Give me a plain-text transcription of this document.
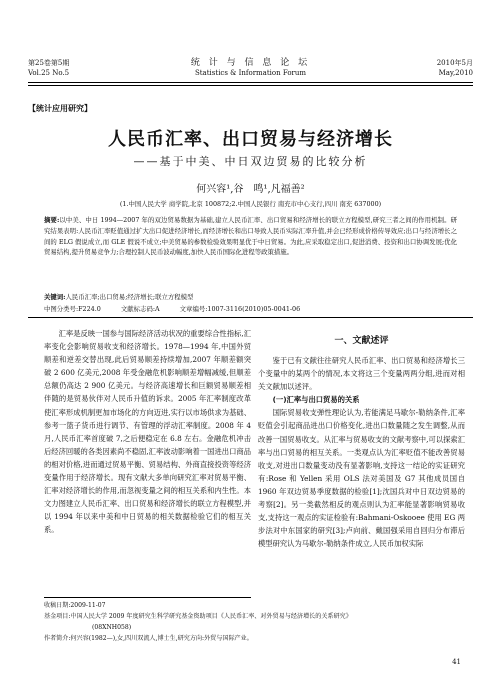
第25卷第5期
Vol.25 No.5
统 计 与 信 息 论 坛
Statistics & Information Forum
2010年5月
May,2010
【统计应用研究】
人民币汇率、出口贸易与经济增长
——基于中美、中日双边贸易的比较分析
何兴容¹,谷　鸣¹,凡福善²
(1.中国人民大学 商学院,北京 100872;2.中国人民银行 南充市中心支行,四川 南充 637000)
摘要:以中美、中日 1994—2007 年的双边贸易数据为基础,建立人民币汇率、出口贸易和经济增长的联立方程模型,研究三者之间的作用机制。研究结果表明:人民币汇率贬值通过扩大出口促进经济增长,而经济增长和出口导致人民币实际汇率升值,并会已经形成价格传导效应;出口与经济增长之间的 ELG 假说成立,而 GLE 假说不成立;中美贸易的参数检验效果明显优于中日贸易。为此,应采取稳定出口,促进消费、投资和出口协调发展;优化贸易结构,提升贸易竞争力;合理控制人民币波动幅度,加快人民币国际化进程等政策措施。
关键词:人民币汇率;出口贸易;经济增长;联立方程模型
中图分类号:F224.0	文献标志码:A	文章编号:1007-3116(2010)05-0041-06

汇率是反映一国参与国际经济活动状况的重要综合性指标,汇率变化会影响贸易收支和经济增长。1978—1994 年,中国外贸顺差和逆差交替出现,此后贸易顺差持续增加,2007 年顺差额突破 2 600 亿美元,2008 年受金融危机影响顺差增幅减缓,但顺差总额仍高达 2 900 亿美元。与经济高速增长和巨额贸易顺差相伴随的是贸易伙伴对人民币升值的诉求。2005 年汇率制度改革使汇率形成机制更加市场化的方向迈进,实行以市场供求为基础、参考一篮子货币进行调节、有管理的浮动汇率制度。2008 年 4 月,人民币汇率首度破 7,之后便稳定在 6.8 左右。金融危机冲击后经济回暖的各类因素尚不稳固,汇率波动影响着一国进出口商品的相对价格,进而通过贸易平衡、贸易结构、外商直接投资等经济变量作用于经济增长。现有文献大多单向研究汇率对贸易平衡、汇率对经济增长的作用,而忽视变量之间的相互关系和内生性。本文力图建立人民币汇率、出口贸易和经济增长的联立方程模型,并以 1994 年以来中美和中日贸易的相关数据检验它们的相互关系。

一、文献述评

鉴于已有文献往往研究人民币汇率、出口贸易和经济增长三个变量中的某两个的情况,本文将这三个变量两两分组,进而对相关文献加以述评。

(一)汇率与出口贸易的关系

国际贸易收支弹性理论认为,若能满足马歇尔-勒纳条件,汇率贬值会引起商品进出口价格变化,进出口数量随之发生调整,从而改善一国贸易收支。从汇率与贸易收支的文献考察中,可以探索汇率与出口贸易的相互关系。一类观点认为汇率贬值不能改善贸易收支,对进出口数量变动没有显著影响,支持这一结论的实证研究有:Rose 和 Yellen 采用 OLS 法对美国及 G7 其他成员国自 1960 年双边贸易季度数据的检验[1];沈国兵对中日双边贸易的考察[2]。另一类截然相反的观点则认为汇率能显著影响贸易收支,支持这一观点的实证检验有:Bahmani-Oskooee 使用 EG 两步法对中东国家的研究[3];卢向前、戴国强采用自回归分布滞后模型研究认为马歇尔-勒纳条件成立,人民币加权实际

收稿日期:2009-11-07
基金项目:中国人民大学 2009 年度研究生科学研究基金资助项目《人民币汇率、对外贸易与经济增长的关系研究》
(08XNH058)
作者简介:何兴容(1982—),女,四川双流人,博士生,研究方向:外贸与国际产业。
41
